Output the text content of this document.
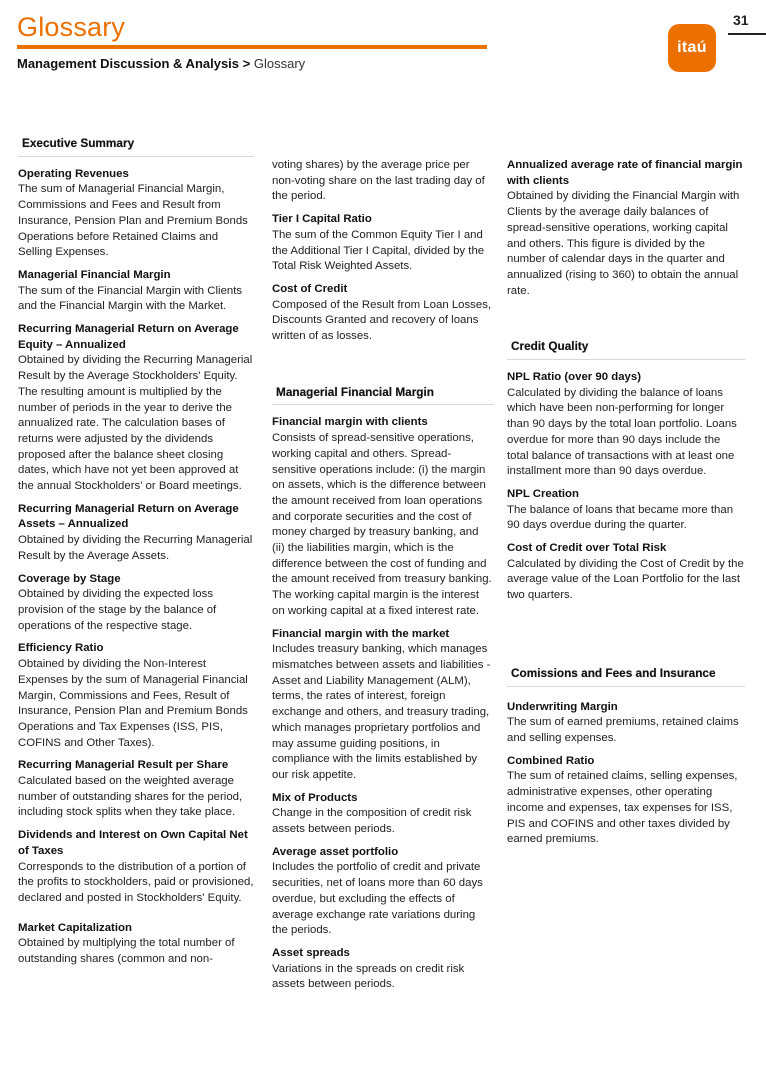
Glossary	31
itaú
Management Discussion & Analysis > Glossary
Executive Summary
Operating Revenues

The sum of Managerial Financial Margin, Commissions and Fees and Result from Insurance, Pension Plan and Premium Bonds Operations before Retained Claims and Selling Expenses.

Managerial Financial Margin

The sum of the Financial Margin with Clients and the Financial Margin with the Market.

Recurring Managerial Return on Average Equity – Annualized

Obtained by dividing the Recurring Managerial Result by the Average Stockholders' Equity. The resulting amount is multiplied by the number of periods in the year to derive the annualized rate. The calculation bases of returns were adjusted by the dividends proposed after the balance sheet closing dates, which have not yet been approved at the annual Stockholders' or Board meetings.

Recurring Managerial Return on Average Assets – Annualized

Obtained by dividing the Recurring Managerial Result by the Average Assets.

Coverage by Stage

Obtained by dividing the expected loss provision of the stage by the balance of operations of the respective stage.

Efficiency Ratio

Obtained by dividing the Non-Interest Expenses by the sum of Managerial Financial Margin, Commissions and Fees, Result of Insurance, Pension Plan and Premium Bonds Operations and Tax Expenses (ISS, PIS, COFINS and Other Taxes).

Recurring Managerial Result per Share

Calculated based on the weighted average number of outstanding shares for the period, including stock splits when they take place.

Dividends and Interest on Own Capital Net of Taxes

Corresponds to the distribution of a portion of the profits to stockholders, paid or provisioned, declared and posted in Stockholders' Equity.

Market Capitalization

Obtained by multiplying the total number of outstanding shares (common and non-

voting shares) by the average price per non-voting share on the last trading day of the period.

Tier I Capital Ratio

The sum of the Common Equity Tier I and the Additional Tier I Capital, divided by the Total Risk Weighted Assets.

Cost of Credit

Composed of the Result from Loan Losses, Discounts Granted and recovery of loans written of as losses.

Managerial Financial Margin
Financial margin with clients

Consists of spread-sensitive operations, working capital and others. Spread-sensitive operations include: (i) the margin on assets, which is the difference between the amount received from loan operations and corporate securities and the cost of money charged by treasury banking, and (ii) the liabilities margin, which is the difference between the cost of funding and the amount received from treasury banking. The working capital margin is the interest on working capital at a fixed interest rate.

Financial margin with the market

Includes treasury banking, which manages mismatches between assets and liabilities - Asset and Liability Management (ALM), terms, the rates of interest, foreign exchange and others, and treasury trading, which manages proprietary portfolios and may assume guiding positions, in compliance with the limits established by our risk appetite.

Mix of Products

Change in the composition of credit risk assets between periods.

Average asset portfolio

Includes the portfolio of credit and private securities, net of loans more than 60 days overdue, but excluding the effects of average exchange rate variations during the periods.

Asset spreads

Variations in the spreads on credit risk assets between periods.

Annualized average rate of financial margin with clients

Obtained by dividing the Financial Margin with Clients by the average daily balances of spread-sensitive operations, working capital and others. This figure is divided by the number of calendar days in the quarter and annualized (rising to 360) to obtain the annual rate.

Credit Quality
NPL Ratio (over 90 days)

Calculated by dividing the balance of loans which have been non-performing for longer than 90 days by the total loan portfolio. Loans overdue for more than 90 days include the total balance of transactions with at least one installment more than 90 days overdue.

NPL Creation

The balance of loans that became more than 90 days overdue during the quarter.

Cost of Credit over Total Risk

Calculated by dividing the Cost of Credit by the average value of the Loan Portfolio for the last two quarters.

Comissions and Fees and Insurance
Underwriting Margin

The sum of earned premiums, retained claims and selling expenses.

Combined Ratio

The sum of retained claims, selling expenses, administrative expenses, other operating income and expenses, tax expenses for ISS, PIS and COFINS and other taxes divided by earned premiums.
